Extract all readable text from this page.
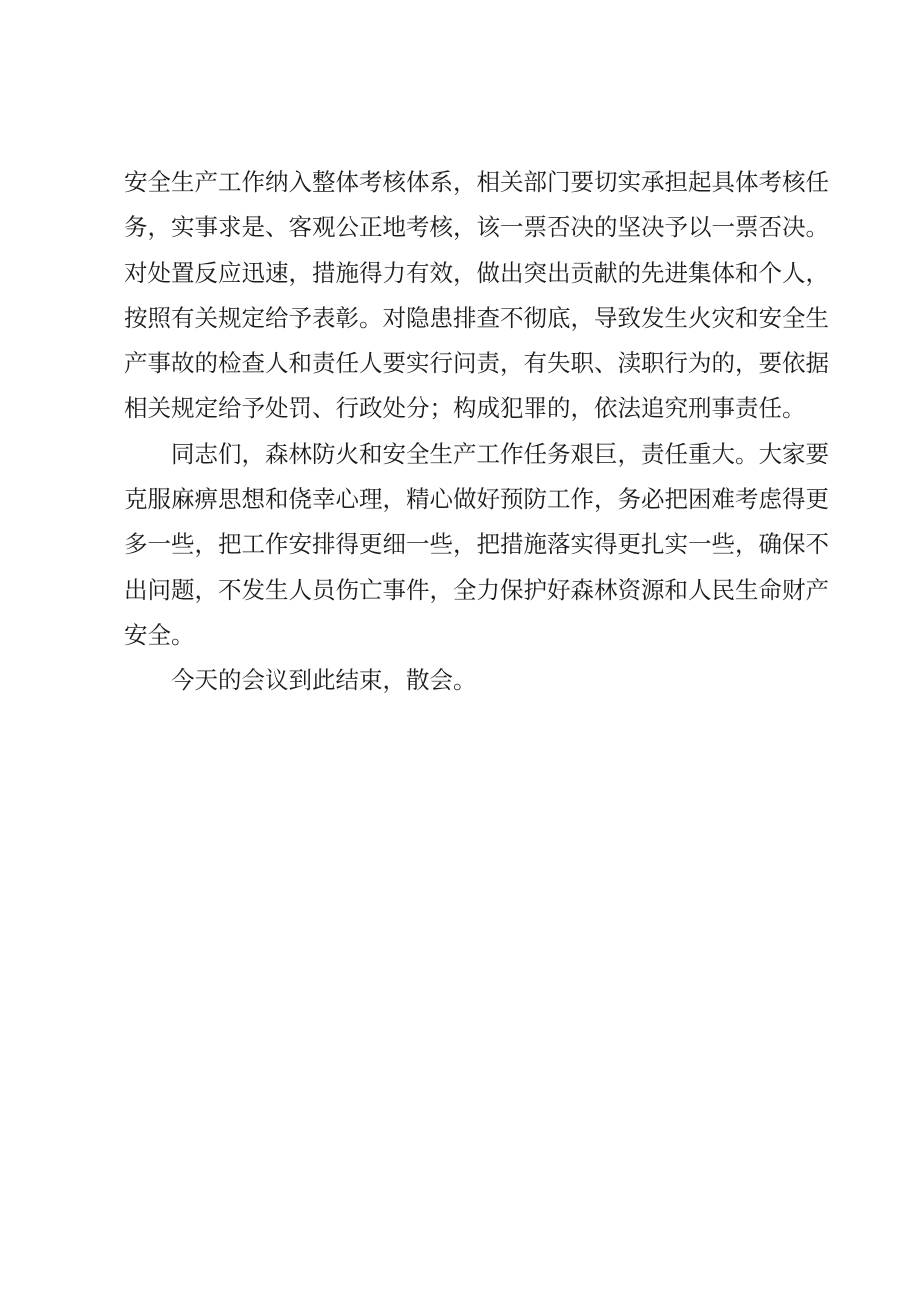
安全生产工作纳入整体考核体系，相关部门要切实承担起具体考核任
务，实事求是、客观公正地考核，该一票否决的坚决予以一票否决。
对处置反应迅速，措施得力有效，做出突出贡献的先进集体和个人，
按照有关规定给予表彰。对隐患排查不彻底，导致发生火灾和安全生
产事故的检查人和责任人要实行问责，有失职、渎职行为的，要依据
相关规定给予处罚、行政处分；构成犯罪的，依法追究刑事责任。
同志们，森林防火和安全生产工作任务艰巨，责任重大。大家要
克服麻痹思想和侥幸心理，精心做好预防工作，务必把困难考虑得更
多一些，把工作安排得更细一些，把措施落实得更扎实一些，确保不
出问题，不发生人员伤亡事件，全力保护好森林资源和人民生命财产
安全。
今天的会议到此结束，散会。
